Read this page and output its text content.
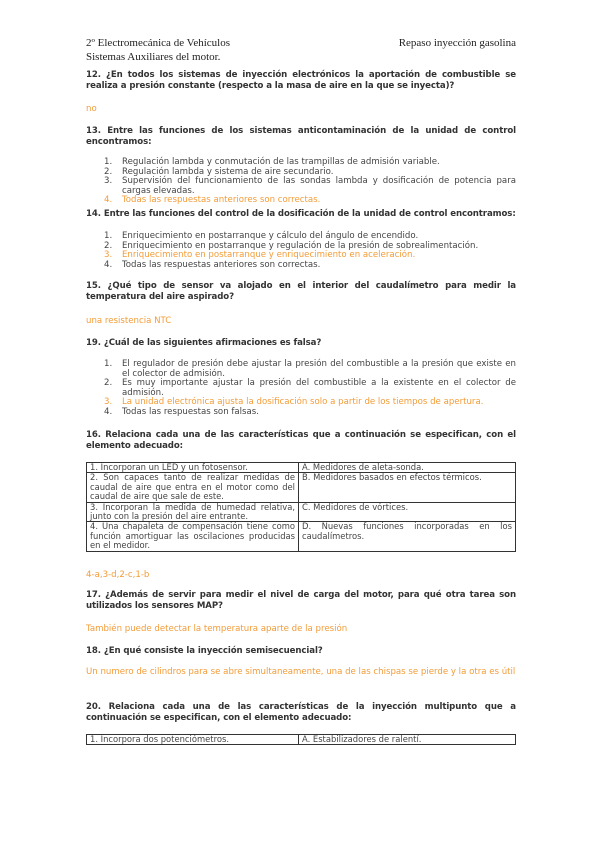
2º Electromecánica de Vehículos
Sistemas Auxiliares del motor.
Repaso inyección gasolina
12. ¿En todos los sistemas de inyección electrónicos la aportación de combustible se realiza a presión constante (respecto a la masa de aire en la que se inyecta)?
no
13. Entre las funciones de los sistemas anticontaminación de la unidad de control encontramos:
1. Regulación lambda y conmutación de las trampillas de admisión variable.
2. Regulación lambda y sistema de aire secundario.
3. Supervisión del funcionamiento de las sondas lambda y dosificación de potencia para cargas elevadas.
4. Todas las respuestas anteriores son correctas.
14. Entre las funciones del control de la dosificación de la unidad de control encontramos:
1. Enriquecimiento en postarranque y cálculo del ángulo de encendido.
2. Enriquecimiento en postarranque y regulación de la presión de sobrealimentación.
3. Enriquecimiento en postarranque y enriquecimiento en aceleración.
4. Todas las respuestas anteriores son correctas.
15. ¿Qué tipo de sensor va alojado en el interior del caudalímetro para medir la temperatura del aire aspirado?
una resistencia NTC
19. ¿Cuál de las siguientes afirmaciones es falsa?
1. El regulador de presión debe ajustar la presión del combustible a la presión que existe en el colector de admisión.
2. Es muy importante ajustar la presión del combustible a la existente en el colector de admisión.
3. La unidad electrónica ajusta la dosificación solo a partir de los tiempos de apertura.
4. Todas las respuestas son falsas.
16. Relaciona cada una de las características que a continuación se especifican, con el elemento adecuado:
1. Incorporan un LED y un fotosensor.	A. Medidores de aleta-sonda.
2. Son capaces tanto de realizar medidas de caudal de aire que entra en el motor como del caudal de aire que sale de este.	B. Medidores basados en efectos térmicos.
3. Incorporan la medida de humedad relativa, junto con la presión del aire entrante.	C. Medidores de vórtices.
4. Una chapaleta de compensación tiene como función amortiguar las oscilaciones producidas en el medidor.	D. Nuevas funciones incorporadas en los caudalímetros.
4-a,3-d,2-c,1-b
17. ¿Además de servir para medir el nivel de carga del motor, para qué otra tarea son utilizados los sensores MAP?
También puede detectar la temperatura aparte de la presión
18. ¿En qué consiste la inyección semisecuencial?
Un numero de cilindros para se abre simultaneamente, una de las chispas se pierde y la otra es útil
20. Relaciona cada una de las características de la inyección multipunto que a continuación se especifican, con el elemento adecuado:
1. Incorpora dos potenciómetros.	A. Estabilizadores de ralentí.
